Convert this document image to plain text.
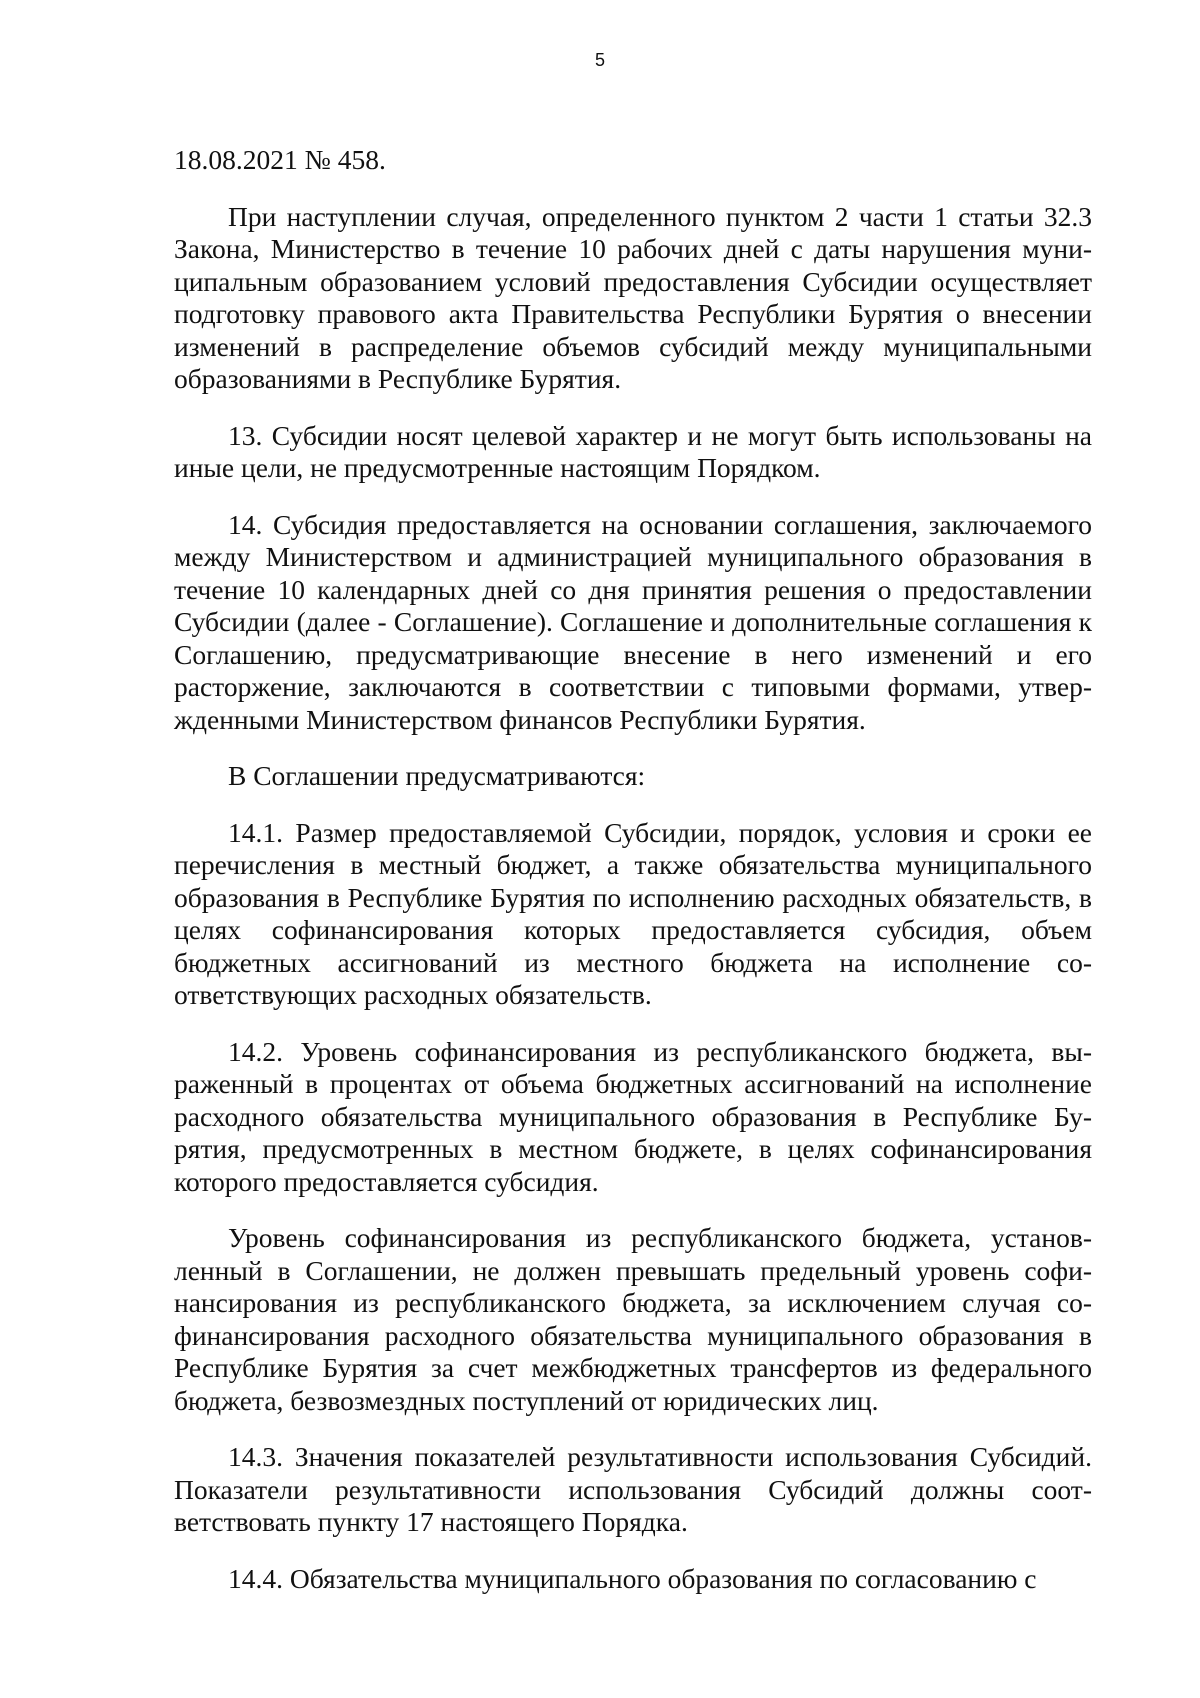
5

18.08.2021 № 458.

При наступлении случая, определенного пунктом 2 части 1 статьи 32.3 Закона, Министерство в течение 10 рабочих дней с даты нарушения муниципальным образованием условий предоставления Субсидии осуществляет подготовку правового акта Правительства Республики Бурятия о внесении изменений в распределение объемов субсидий между муниципальными образованиями в Республике Бурятия.

13. Субсидии носят целевой характер и не могут быть использованы на иные цели, не предусмотренные настоящим Порядком.

14. Субсидия предоставляется на основании соглашения, заключаемого между Министерством и администрацией муниципального образования в течение 10 календарных дней со дня принятия решения о предоставлении Субсидии (далее - Соглашение). Соглашение и дополнительные соглашения к Соглашению, предусматривающие внесение в него изменений и его расторжение, заключаются в соответствии с типовыми формами, утвержденными Министерством финансов Республики Бурятия.

В Соглашении предусматриваются:

14.1. Размер предоставляемой Субсидии, порядок, условия и сроки ее перечисления в местный бюджет, а также обязательства муниципального образования в Республике Бурятия по исполнению расходных обязательств, в целях софинансирования которых предоставляется субсидия, объем бюджетных ассигнований из местного бюджета на исполнение соответствующих расходных обязательств.

14.2. Уровень софинансирования из республиканского бюджета, выраженный в процентах от объема бюджетных ассигнований на исполнение расходного обязательства муниципального образования в Республике Бурятия, предусмотренных в местном бюджете, в целях софинансирования которого предоставляется субсидия.

Уровень софинансирования из республиканского бюджета, установленный в Соглашении, не должен превышать предельный уровень софинансирования из республиканского бюджета, за исключением случая софинансирования расходного обязательства муниципального образования в Республике Бурятия за счет межбюджетных трансфертов из федерального бюджета, безвозмездных поступлений от юридических лиц.

14.3. Значения показателей результативности использования Субсидий. Показатели результативности использования Субсидий должны соответствовать пункту 17 настоящего Порядка.

14.4. Обязательства муниципального образования по согласованию с
